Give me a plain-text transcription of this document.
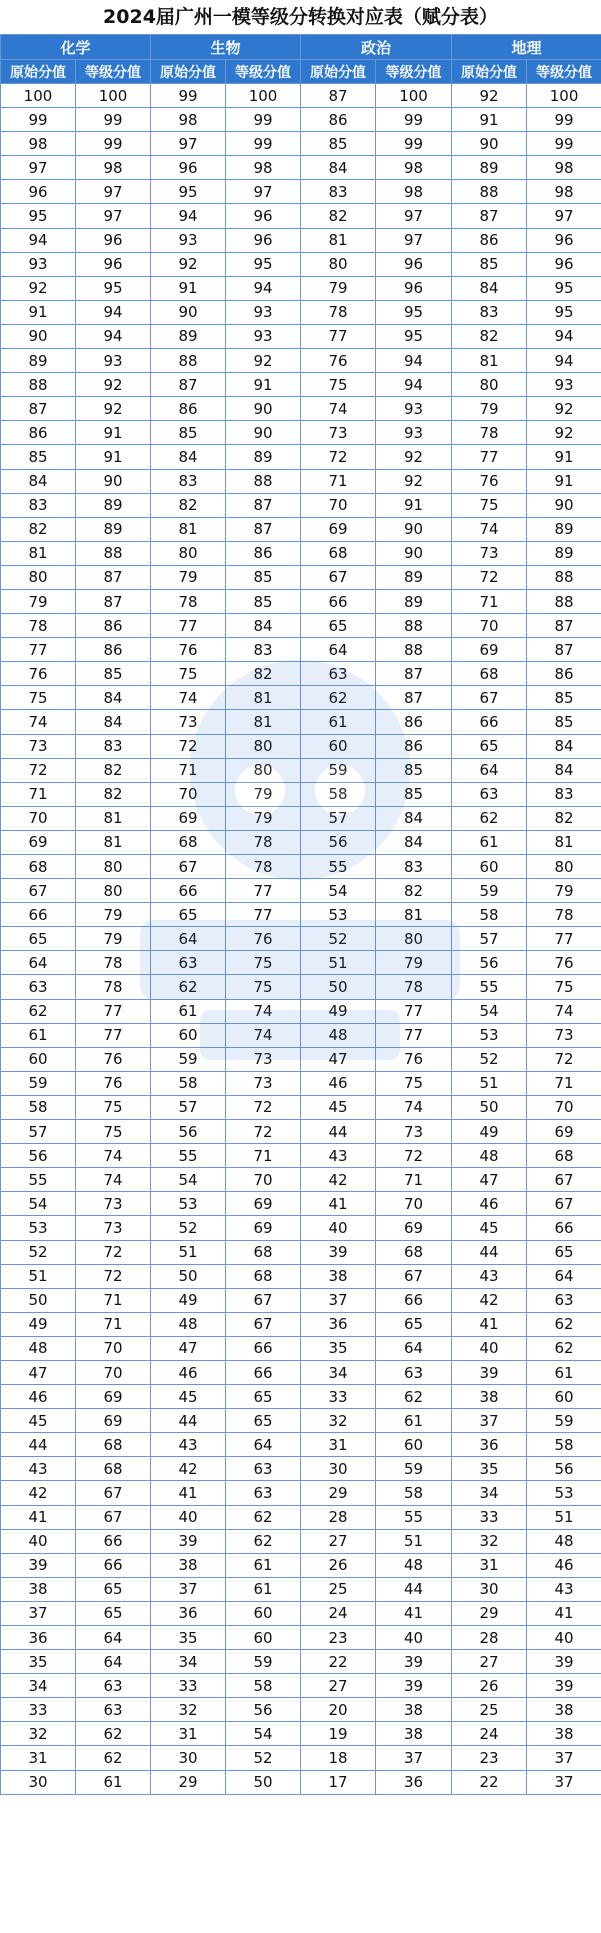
2024届广州一模等级分转换对应表（赋分表）
化学		生物		政治		地理	
原始分值	等级分值	原始分值	等级分值	原始分值	等级分值	原始分值	等级分值
100	100	99	100	87	100	92	100
99	99	98	99	86	99	91	99
98	99	97	99	85	99	90	99
97	98	96	98	84	98	89	98
96	97	95	97	83	98	88	98
95	97	94	96	82	97	87	97
94	96	93	96	81	97	86	96
93	96	92	95	80	96	85	96
92	95	91	94	79	96	84	95
91	94	90	93	78	95	83	95
90	94	89	93	77	95	82	94
89	93	88	92	76	94	81	94
88	92	87	91	75	94	80	93
87	92	86	90	74	93	79	92
86	91	85	90	73	93	78	92
85	91	84	89	72	92	77	91
84	90	83	88	71	92	76	91
83	89	82	87	70	91	75	90
82	89	81	87	69	90	74	89
81	88	80	86	68	90	73	89
80	87	79	85	67	89	72	88
79	87	78	85	66	89	71	88
78	86	77	84	65	88	70	87
77	86	76	83	64	88	69	87
76	85	75	82	63	87	68	86
75	84	74	81	62	87	67	85
74	84	73	81	61	86	66	85
73	83	72	80	60	86	65	84
72	82	71	80	59	85	64	84
71	82	70	79	58	85	63	83
70	81	69	79	57	84	62	82
69	81	68	78	56	84	61	81
68	80	67	78	55	83	60	80
67	80	66	77	54	82	59	79
66	79	65	77	53	81	58	78
65	79	64	76	52	80	57	77
64	78	63	75	51	79	56	76
63	78	62	75	50	78	55	75
62	77	61	74	49	77	54	74
61	77	60	74	48	77	53	73
60	76	59	73	47	76	52	72
59	76	58	73	46	75	51	71
58	75	57	72	45	74	50	70
57	75	56	72	44	73	49	69
56	74	55	71	43	72	48	68
55	74	54	70	42	71	47	67
54	73	53	69	41	70	46	67
53	73	52	69	40	69	45	66
52	72	51	68	39	68	44	65
51	72	50	68	38	67	43	64
50	71	49	67	37	66	42	63
49	71	48	67	36	65	41	62
48	70	47	66	35	64	40	62
47	70	46	66	34	63	39	61
46	69	45	65	33	62	38	60
45	69	44	65	32	61	37	59
44	68	43	64	31	60	36	58
43	68	42	63	30	59	35	56
42	67	41	63	29	58	34	53
41	67	40	62	28	55	33	51
40	66	39	62	27	51	32	48
39	66	38	61	26	48	31	46
38	65	37	61	25	44	30	43
37	65	36	60	24	41	29	41
36	64	35	60	23	40	28	40
35	64	34	59	22	39	27	39
34	63	33	58	27	39	26	39
33	63	32	56	20	38	25	38
32	62	31	54	19	38	24	38
31	62	30	52	18	37	23	37
30	61	29	50	17	36	22	37
